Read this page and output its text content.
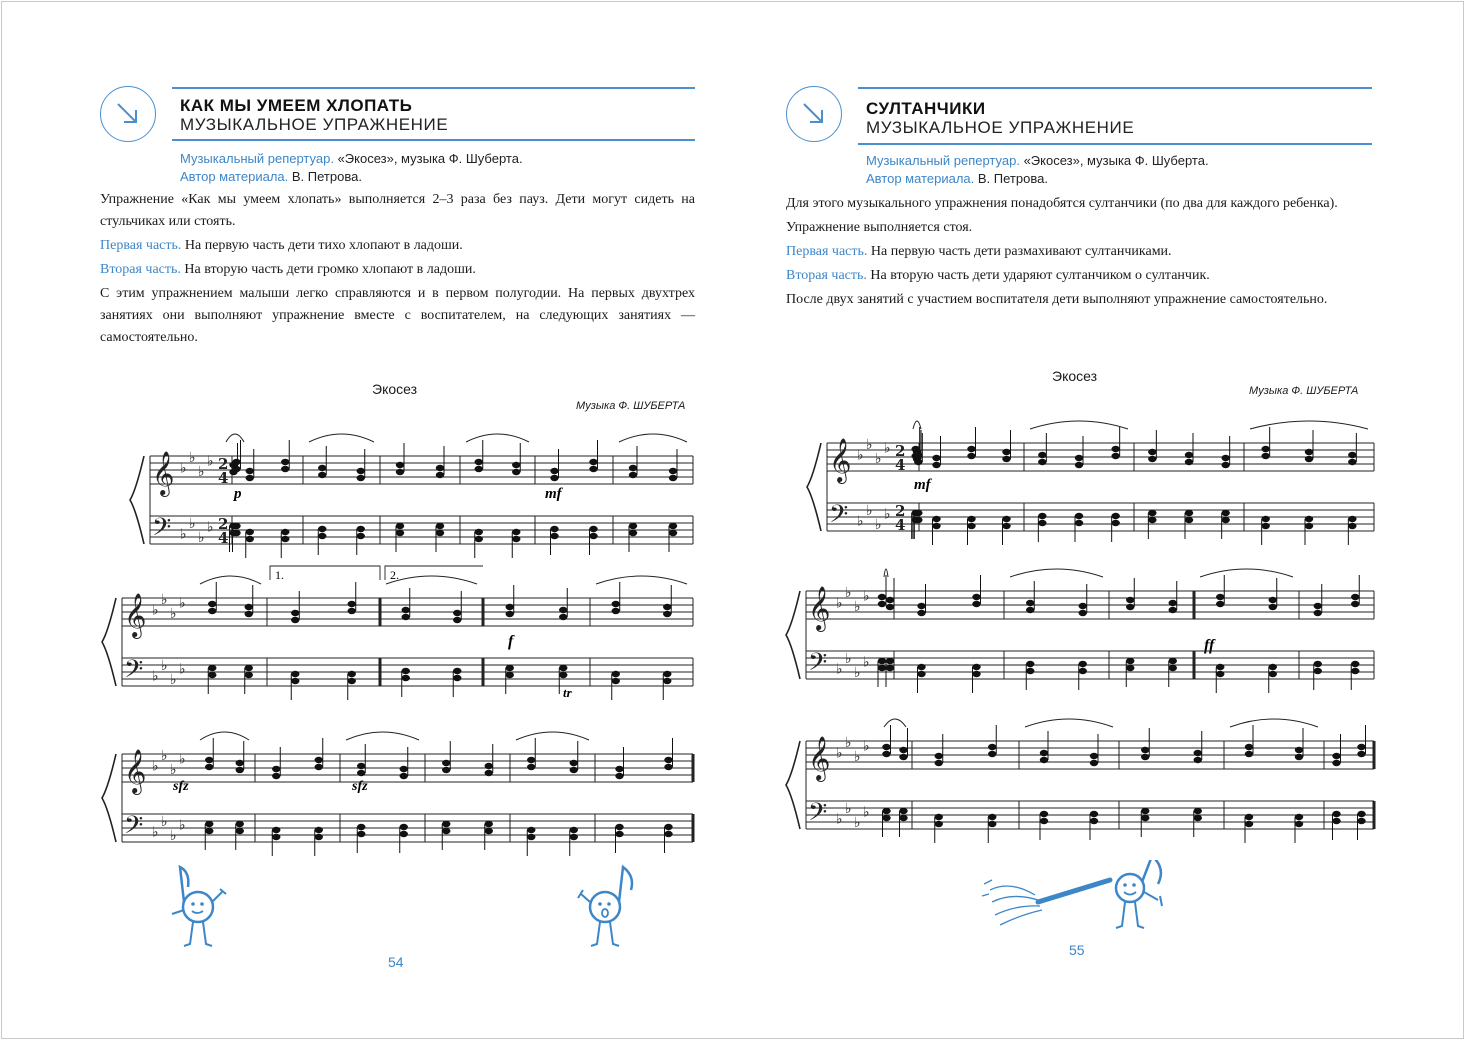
КАК МЫ УМЕЕМ ХЛОПАТЬ
МУЗЫКАЛЬНОЕ УПРАЖНЕНИЕ
Музыкальный репертуар. «Экосез», музыка Ф. Шуберта.
Автор материала. В. Петрова.

Упражнение «Как мы умеем хлопать» выполняется 2–3 раза без пауз. Дети могут сидеть на стульчиках или стоять.

Первая часть. На первую часть дети тихо хлопают в ладоши.

Вторая часть. На вторую часть дети громко хлопают в ладоши.

С этим упражнением малыши легко справляются и в первом полугодии. На первых двухтрех занятиях они выполняют упражнение вместе с воспитателем, на следующих занятиях — самостоятельно.

Экосез
Музыка Ф. ШУБЕРТА
p	mf
f
sfz	sfz
tr
1.	2.
𝄞
𝄢
♭
♭
♭
♭
♭
♭
♭
♭
2
2
4
4
𝄞
𝄢
♭
♭
♭
♭
♭
♭
♭
♭
𝄞
𝄢
♭
♭
♭
♭
♭
♭
♭
♭
54
СУЛТАНЧИКИ
МУЗЫКАЛЬНОЕ УПРАЖНЕНИЕ
Музыкальный репертуар. «Экосез», музыка Ф. Шуберта.
Автор материала. В. Петрова.

Для этого музыкального упражнения понадобятся султанчики (по два для каждого ребенка).

Упражнение выполняется стоя.

Первая часть. На первую часть дети размахивают султанчиками.

Вторая часть. На вторую часть дети ударяют султанчиком о султанчик.

После двух занятий с участием воспитателя дети выполняют упражнение самостоятельно.

Экосез
Музыка Ф. ШУБЕРТА
mf
ff
𝄞
𝄢
♭
♭
♭
♭
♭
♭
♭
♭
2
2
4
4
𝄞
𝄢
♭
♭
♭
♭
♭
♭
♭
♭
𝄞
𝄢
♭
♭
♭
♭
♭
♭
♭
♭
55
